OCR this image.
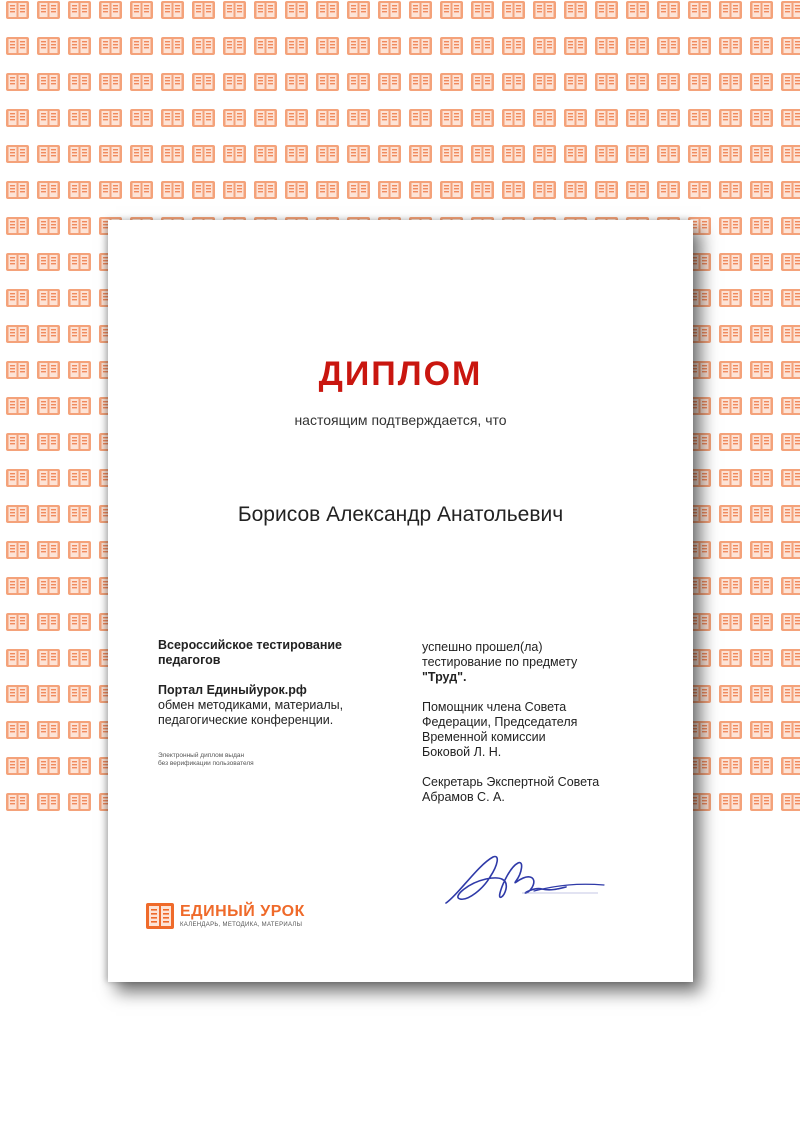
ДИПЛОМ
настоящим подтверждается, что
Борисов Александр Анатольевич
Всероссийское тестирование
педагогов
Портал Единыйурок.рф
обмен методиками, материалы,
педагогические конференции.
Электронный диплом выдан
без верификации пользователя
успешно прошел(ла)
тестирование по предмету
"Труд".
Помощник члена Совета
Федерации, Председателя
Временной комиссии
Боковой Л. Н.
Секретарь Экспертной Совета
Абрамов С. А.
ЕДИНЫЙ УРОК
КАЛЕНДАРЬ, МЕТОДИКА, МАТЕРИАЛЫ
